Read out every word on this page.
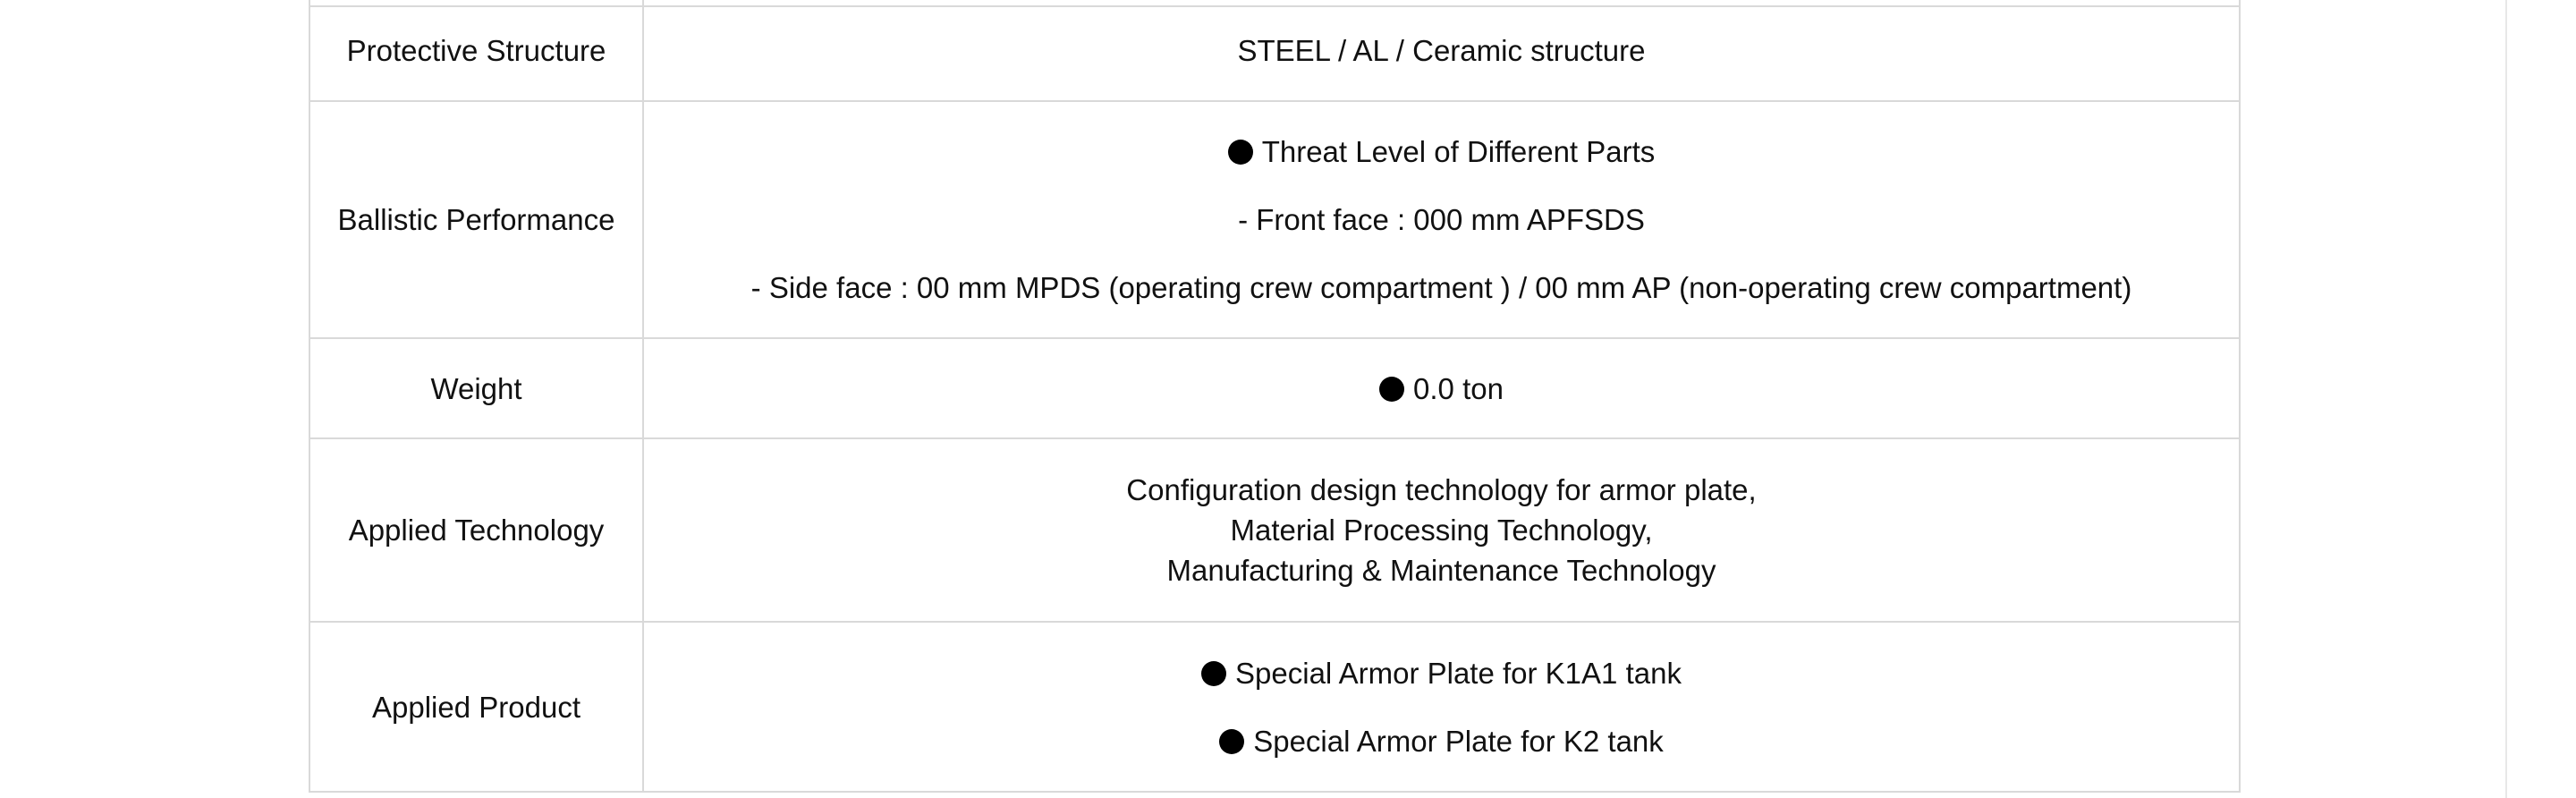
Protective Structure	STEEL / AL / Ceramic structure

Ballistic Performance	Threat Level of Different Parts
- Front face : 000 mm APFSDS
- Side face : 00 mm MPDS (operating crew compartment ) / 00 mm AP (non-operating crew compartment)

Weight	0.0 ton

Applied Technology	Configuration design technology for armor plate,
Material Processing Technology,
Manufacturing & Maintenance Technology

Applied Product	Special Armor Plate for K1A1 tank
Special Armor Plate for K2 tank
